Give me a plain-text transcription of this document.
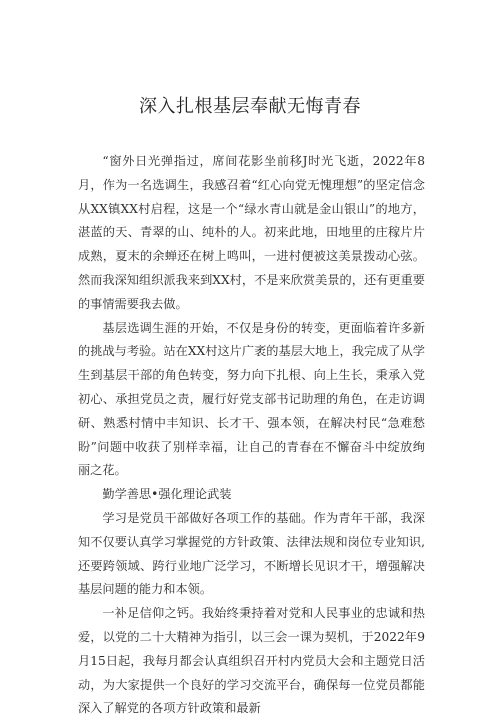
深入扎根基层奉献无悔青春

“窗外日光弹指过，席间花影坐前移J时光飞逝，2022年8月，作为一名选调生，我感召着“红心向党无愧理想”的坚定信念从XX镇XX村启程，这是一个“绿水青山就是金山银山”的地方，湛蓝的天、青翠的山、纯朴的人。初来此地，田地里的庄稼片片成熟，夏末的余蝉还在树上鸣叫，一进村便被这美景拨动心弦。然而我深知组织派我来到XX村，不是来欣赏美景的，还有更重要的事情需要我去做。

基层选调生涯的开始，不仅是身份的转变，更面临着许多新的挑战与考验。站在XX村这片广袤的基层大地上，我完成了从学生到基层干部的角色转变，努力向下扎根、向上生长，秉承入党初心、承担党员之责，履行好党支部书记助理的角色，在走访调研、熟悉村情中丰知识、长才干、强本领，在解决村民“急难愁盼”问题中收获了别样幸福，让自己的青春在不懈奋斗中绽放绚丽之花。

勤学善思•强化理论武装

学习是党员干部做好各项工作的基础。作为青年干部，我深知不仅要认真学习掌握党的方针政策、法律法规和岗位专业知识,还要跨领域、跨行业地广泛学习，不断增长见识才干，增强解决基层问题的能力和本领。

一补足信仰之钙。我始终秉持着对党和人民事业的忠诚和热爱，以党的二十大精神为指引，以三会一课为契机，于2022年9月15日起，我每月都会认真组织召开村内党员大会和主题党日活动，为大家提供一个良好的学习交流平台，确保每一位党员都能深入了解党的各项方针政策和最新
